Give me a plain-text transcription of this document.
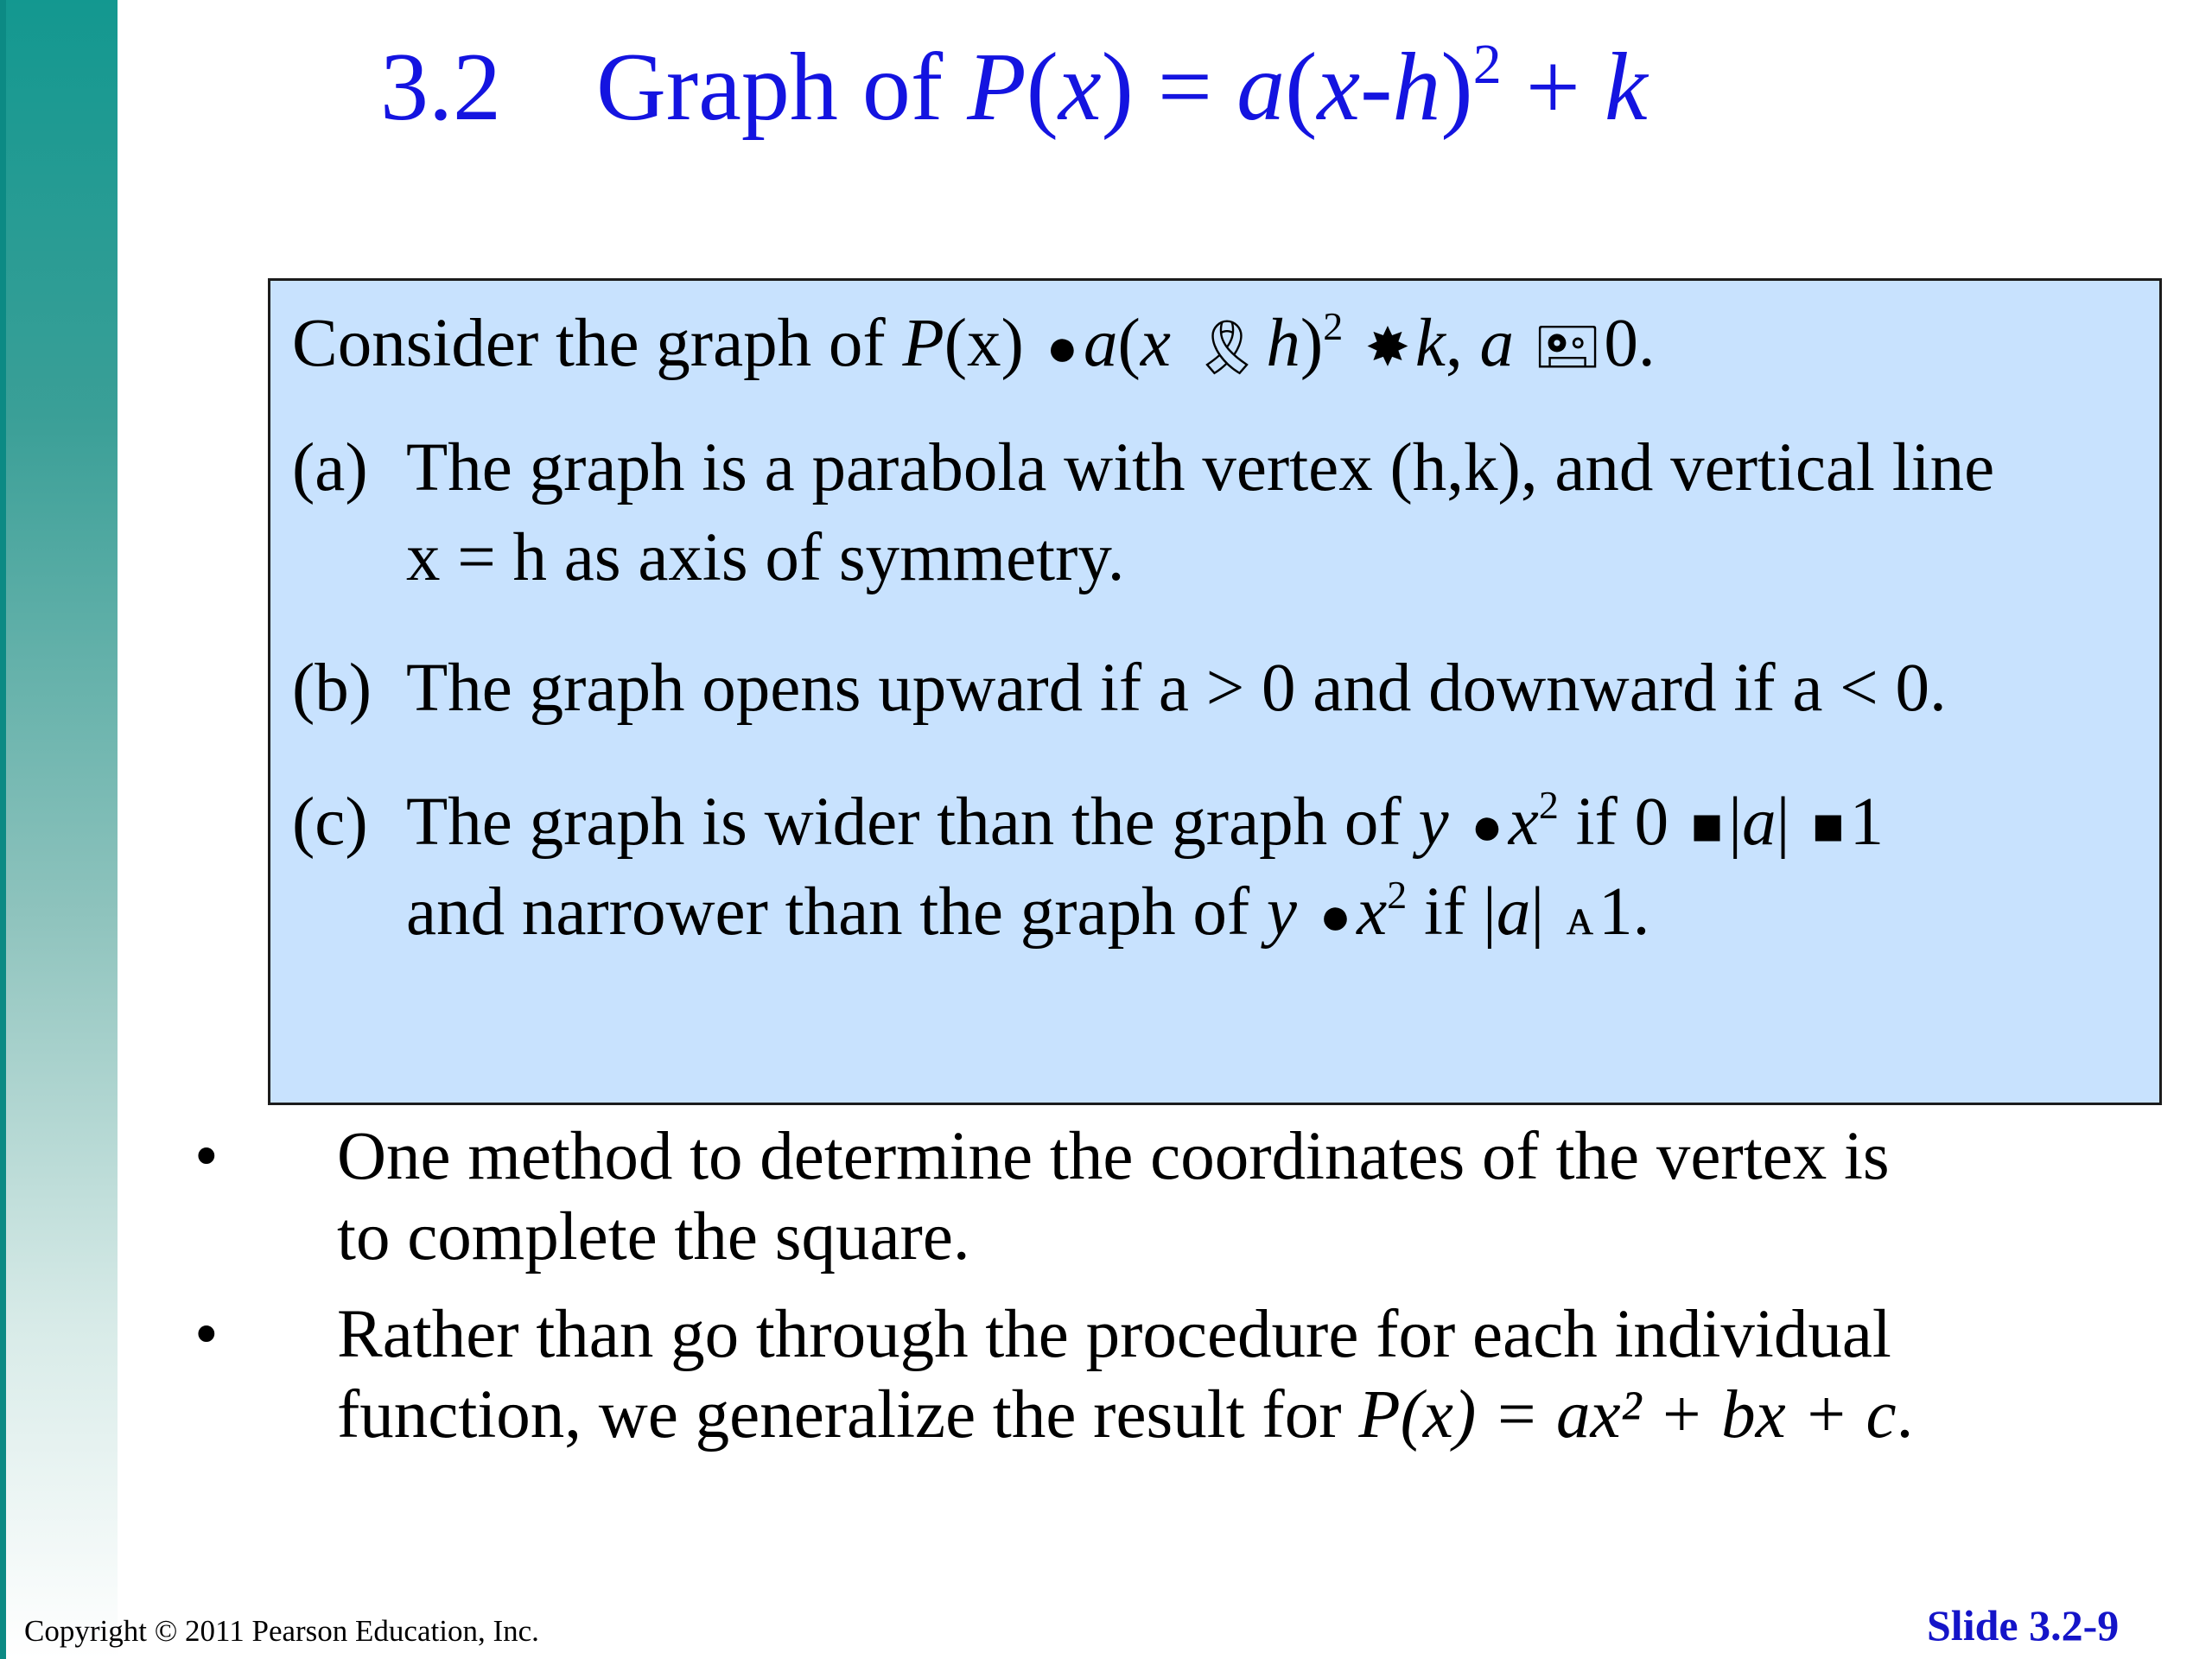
3.2 Graph of $P(x) = a(x-h)^2 + k$

Consider the graph of P(x) ●a(x 🎗h)$^2$ ✸k, a 🖭0.

(a) The graph is a parabola with vertex (h,k), and vertical line
x = h as axis of symmetry.
(b) The graph opens upward if a > 0 and downward if a < 0.
(c) The graph is wider than the graph of y $●x^2$ if 0 ■|a| ■1
and narrower than the graph of y $●x^2$ if |a| ᴀ1.
• One method to determine the coordinates of the vertex is
to complete the square.
• Rather than go through the procedure for each individual
function, we generalize the result for P(x) = ax² + bx + c.
Copyright © 2011 Pearson Education, Inc.	Slide 3.2-9
